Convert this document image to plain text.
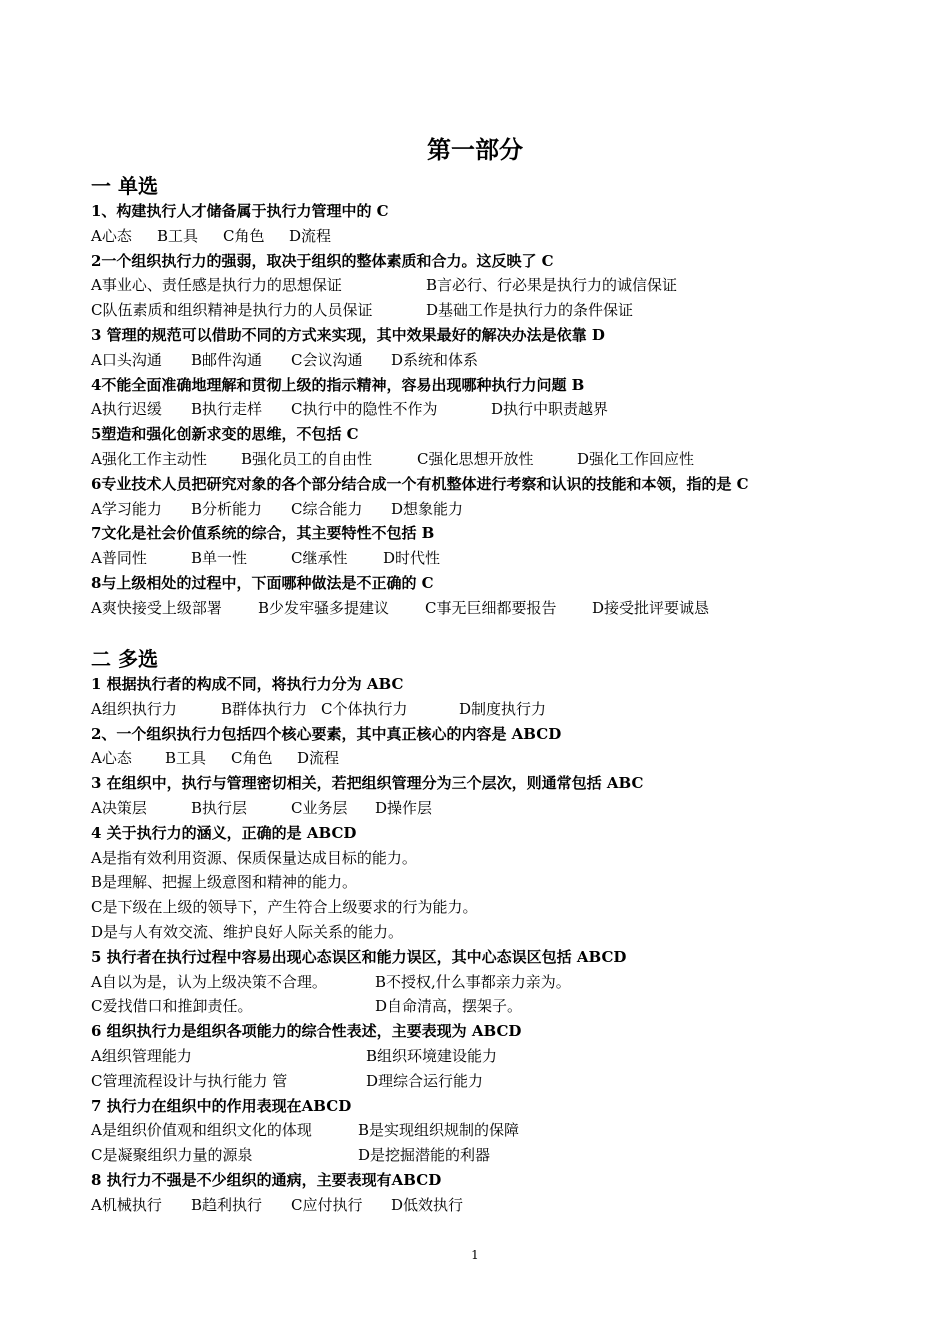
第一部分
一 单选
1、构建执行人才储备属于执行力管理中的 C
A心态 B工具 C角色 D流程
2一个组织执行力的强弱，取决于组织的整体素质和合力。这反映了 C
A事业心、责任感是执行力的思想保证	B言必行、行必果是执行力的诚信保证
C队伍素质和组织精神是执行力的人员保证	D基础工作是执行力的条件保证
3 管理的规范可以借助不同的方式来实现，其中效果最好的解决办法是依靠 D
A口头沟通 B邮件沟通 C会议沟通 D系统和体系
4不能全面准确地理解和贯彻上级的指示精神，容易出现哪种执行力问题 B
A执行迟缓 B执行走样 C执行中的隐性不作为	D执行中职责越界
5塑造和强化创新求变的思维，不包括 C
A强化工作主动性 B强化员工的自由性	C强化思想开放性	D强化工作回应性
6专业技术人员把研究对象的各个部分结合成一个有机整体进行考察和认识的技能和本领，指的是 C
A学习能力 B分析能力 C综合能力 D想象能力
7文化是社会价值系统的综合，其主要特性不包括 B
A普同性	B单一性	C继承性 D时代性
8与上级相处的过程中，下面哪种做法是不正确的 C
A爽快接受上级部署 B少发牢骚多提建议 C事无巨细都要报告 D接受批评要诚恳
二 多选
1 根据执行者的构成不同，将执行力分为 ABC
A组织执行力	B群体执行力 C个体执行力	D制度执行力
2、一个组织执行力包括四个核心要素，其中真正核心的内容是 ABCD
A心态 B工具 C角色 D流程
3 在组织中，执行与管理密切相关，若把组织管理分为三个层次，则通常包括 ABC
A决策层	B执行层	C业务层 D操作层
4 关于执行力的涵义，正确的是 ABCD
A是指有效利用资源、保质保量达成目标的能力。
B是理解、把握上级意图和精神的能力。
C是下级在上级的领导下，产生符合上级要求的行为能力。
D是与人有效交流、维护良好人际关系的能力。
5 执行者在执行过程中容易出现心态误区和能力误区，其中心态误区包括 ABCD
A自以为是，认为上级决策不合理。	B不授权,什么事都亲力亲为。
C爱找借口和推卸责任。	D自命清高，摆架子。
6 组织执行力是组织各项能力的综合性表述，主要表现为 ABCD
A组织管理能力	B组织环境建设能力
C管理流程设计与执行能力 管	D理综合运行能力
7 执行力在组织中的作用表现在ABCD
A是组织价值观和组织文化的体现	B是实现组织规制的保障
C是凝聚组织力量的源泉	D是挖掘潜能的利器
8 执行力不强是不少组织的通病，主要表现有ABCD
A机械执行 B趋利执行 C应付执行 D低效执行
1
